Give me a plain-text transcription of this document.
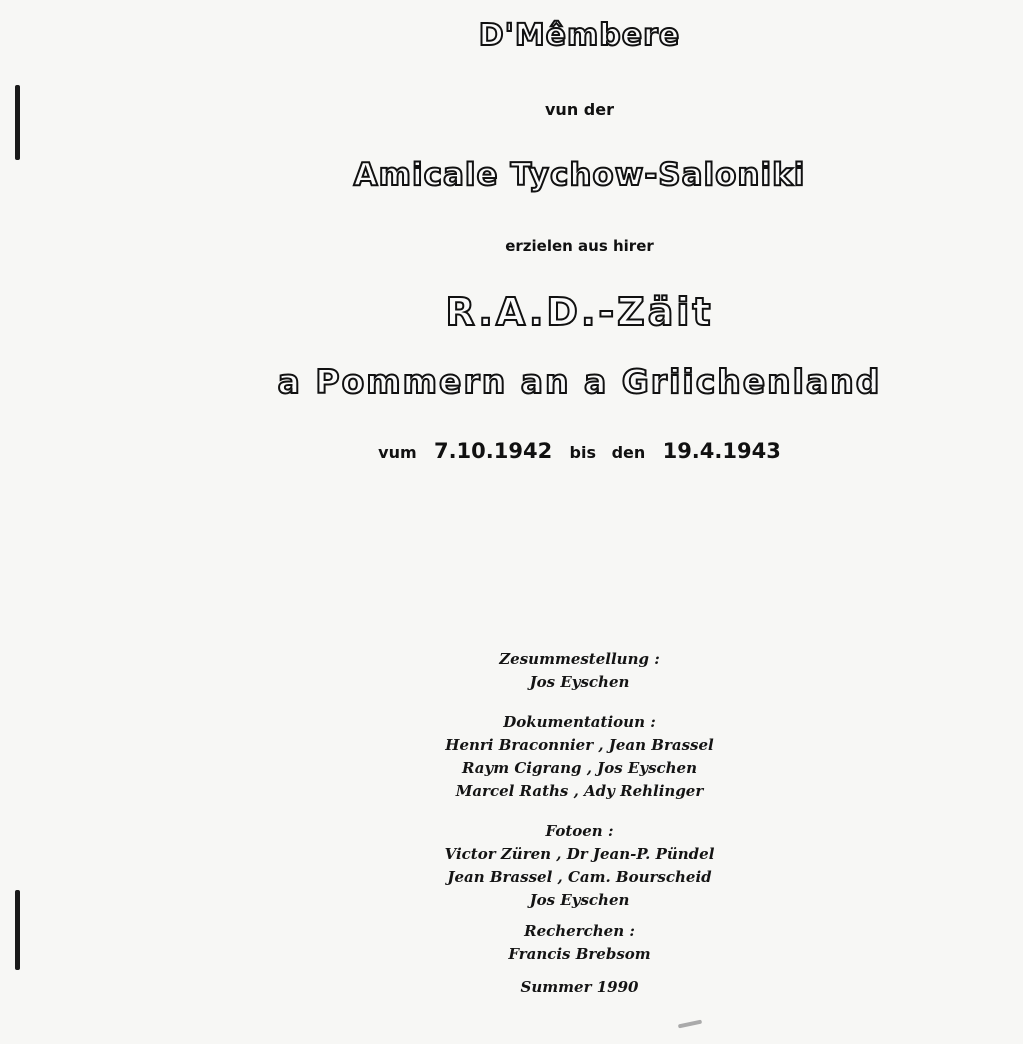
D'Mêmbere
vun der
Amicale Tychow-Saloniki
erzielen aus hirer
R.A.D.-Zäit
a Pommern an a Griichenland
vum 7.10.1942 bis den 19.4.1943
Zesummestellung :
Jos Eyschen
Dokumentatioun :
Henri Braconnier , Jean Brassel
Raym Cigrang , Jos Eyschen
Marcel Raths , Ady Rehlinger
Fotoen :
Victor Züren , Dr Jean-P. Pündel
Jean Brassel , Cam. Bourscheid
Jos Eyschen
Recherchen :
Francis Brebsom
Summer 1990
